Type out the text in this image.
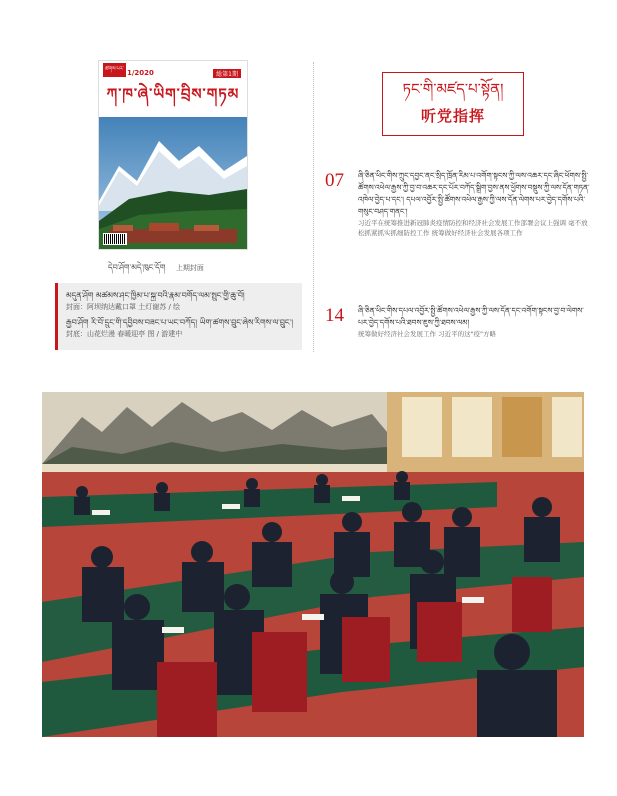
ཚགས་པར་ 1/2020	総第1期
ཀ་ཁ་ཞེ་ཡིག་བྲིས་གཏམ
དེབ་ཤོག་མདེ་ཁུང་དོག 上期封面
མདུན་ཤོག མཚམས་ཤང་ཁྱིམ་པ་སྐྱ་བའི་རྣམ་བགོད་ལམ་སྤུང་གྱི་ཆུ་བོ།
封面：阿坝纳达戴口罩 土灯谢苏 / 绘
རྒྱབ་ཤོག རི་བོ་དྲུང་གི་དབྱིབས་བཟང་པ་ཡང་བཀོད། ཡིག་ཚགས་བྲུང་ཞེས་རིགས་ལ་བྲུང་།
封底：山花烂漫 春暖迎亭 图 / 游建中
ཏང་གི་མཛད་པ་སྟོན།
听党指挥
07 ཞི་ཅིན་ཕིང་གིས་ཀྲུང་དབྱང་ནང་སྲིད་ཁྲོན་རིམ་པ་འགོག་སྟངས་ཀྱི་ལས་འཆར་དང་ཞིང་ཕོགས་སྤྱི་ཚོགས་འཕེལ་རྒྱས་ཀྱི་བྱ་བ་འཆར་དང་པོར་བཀོད་སྒྲིག་བྱས་ནས་ཕྱོགས་བསྡུས་ཀྱི་ལས་དོན་གཏན་འཁེལ་བྱེད་པ་དང་། དཔལ་འབྱོར་སྤྱི་ཚོགས་འཕེལ་རྒྱས་ཀྱི་ལས་དོན་ལེགས་པར་བྱེད་དགོས་པའི་གསུང་བཤད་གནང་།
习近平在统筹推进新冠肺炎疫情防控和经济社会发展工作部署会议上强调 毫不放松抓紧抓实抓细防控工作 统筹做好经济社会发展各项工作
14 ཞི་ཅིན་ཕིང་གིས་དཔལ་འབྱོར་སྤྱི་ཚོགས་འཕེལ་རྒྱས་ཀྱི་ལས་དོན་དང་འགོག་སྟངས་བྱ་བ་ལེགས་པར་བྱེད་དགོས་པའི་ཐབས་ཇུས་ཀྱི་ཐབས་ལམ།
统筹做好经济社会发展工作 习近平的这"疫"方略
